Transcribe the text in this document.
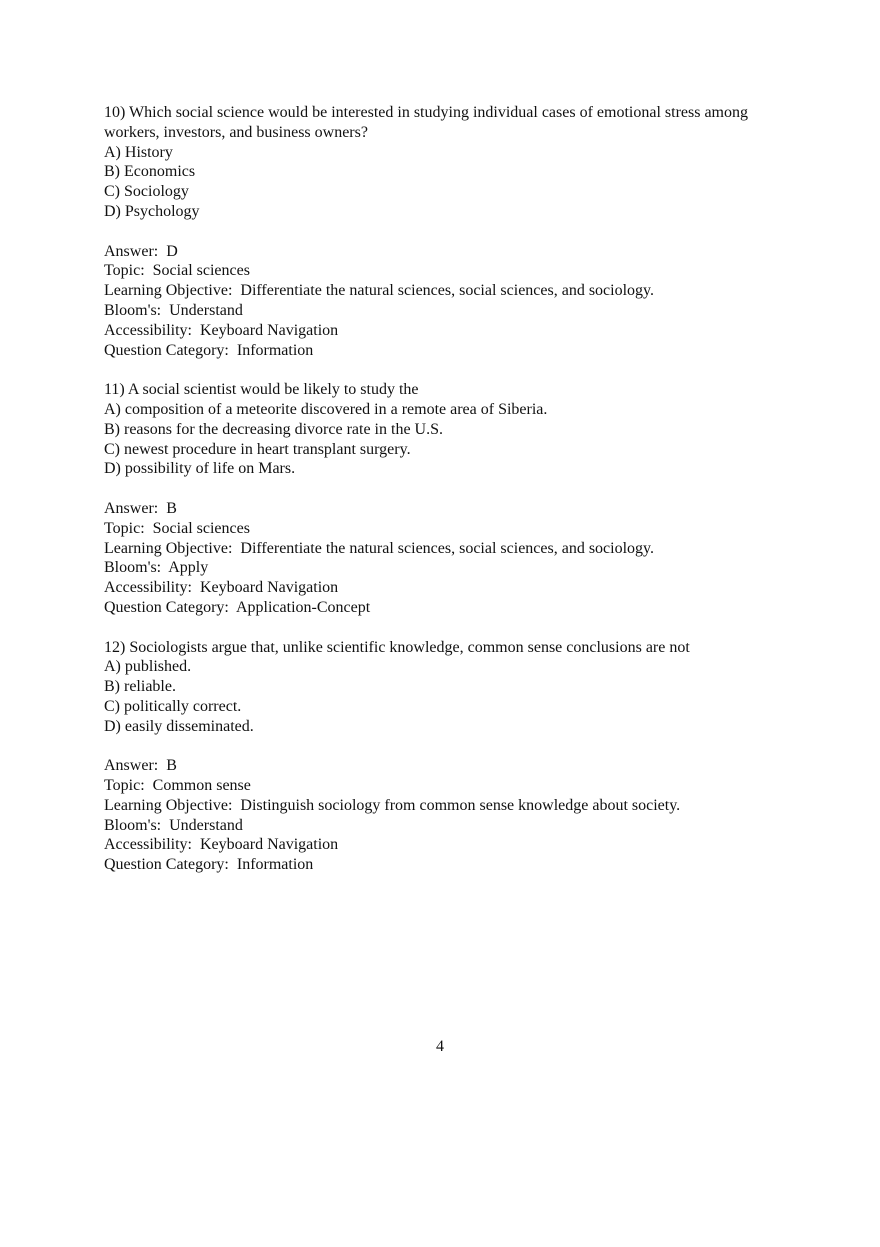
10) Which social science would be interested in studying individual cases of emotional stress among workers, investors, and business owners?
A) History
B) Economics
C) Sociology
D) Psychology
Answer:  D
Topic:  Social sciences
Learning Objective:  Differentiate the natural sciences, social sciences, and sociology.
Bloom's:  Understand
Accessibility:  Keyboard Navigation
Question Category:  Information
11) A social scientist would be likely to study the
A) composition of a meteorite discovered in a remote area of Siberia.
B) reasons for the decreasing divorce rate in the U.S.
C) newest procedure in heart transplant surgery.
D) possibility of life on Mars.
Answer:  B
Topic:  Social sciences
Learning Objective:  Differentiate the natural sciences, social sciences, and sociology.
Bloom's:  Apply
Accessibility:  Keyboard Navigation
Question Category:  Application-Concept
12) Sociologists argue that, unlike scientific knowledge, common sense conclusions are not
A) published.
B) reliable.
C) politically correct.
D) easily disseminated.
Answer:  B
Topic:  Common sense
Learning Objective:  Distinguish sociology from common sense knowledge about society.
Bloom's:  Understand
Accessibility:  Keyboard Navigation
Question Category:  Information
4
